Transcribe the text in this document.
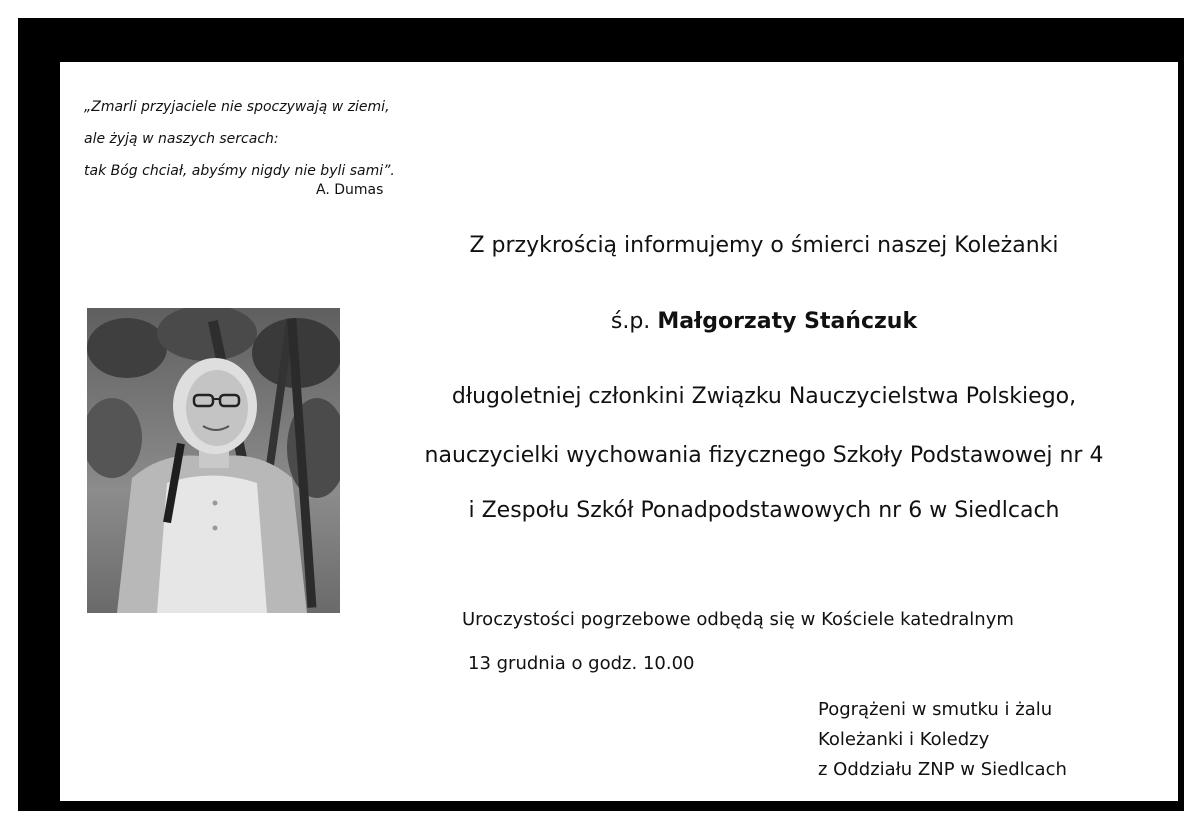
„Zmarli przyjaciele nie spoczywają w ziemi,
ale żyją w naszych sercach:
tak Bóg chciał, abyśmy nigdy nie byli sami”.
A. Dumas
Z przykrością informujemy o śmierci naszej Koleżanki
ś.p. Małgorzaty Stańczuk
długoletniej członkini Związku Nauczycielstwa Polskiego,
nauczycielki wychowania fizycznego Szkoły Podstawowej nr 4
i Zespołu Szkół Ponadpodstawowych nr 6 w Siedlcach
Uroczystości pogrzebowe odbędą się w Kościele katedralnym
13 grudnia o godz. 10.00
Pogrążeni w smutku i żalu
Koleżanki i Koledzy
z Oddziału ZNP w Siedlcach
